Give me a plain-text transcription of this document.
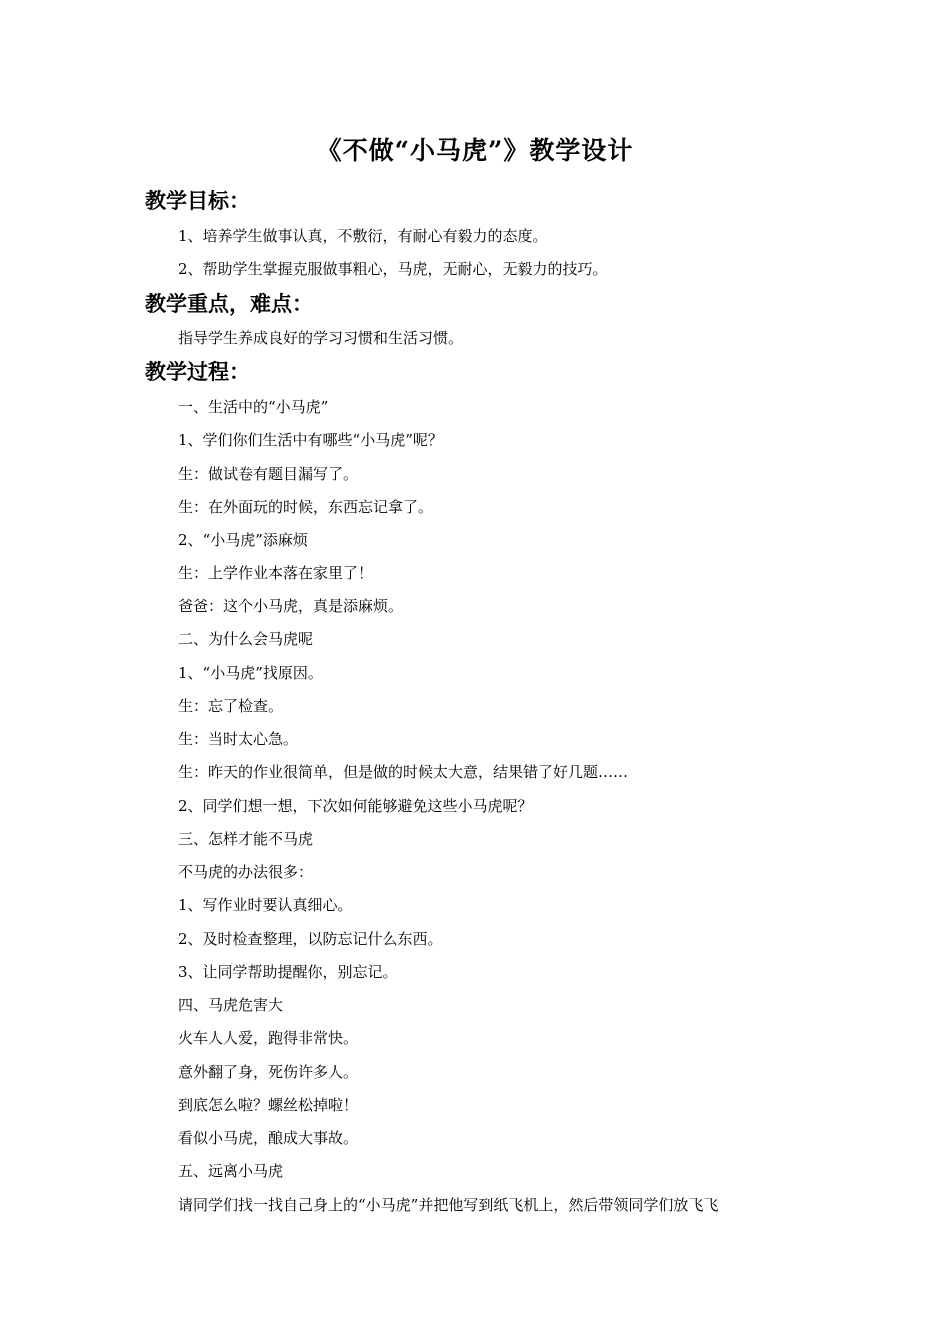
《不做“小马虎”》教学设计
教学目标：
1、培养学生做事认真，不敷衍，有耐心有毅力的态度。
2、帮助学生掌握克服做事粗心，马虎，无耐心，无毅力的技巧。
教学重点，难点：
指导学生养成良好的学习习惯和生活习惯。
教学过程：
一、生活中的“小马虎”
1、学们你们生活中有哪些“小马虎”呢？
生：做试卷有题目漏写了。
生：在外面玩的时候，东西忘记拿了。
2、“小马虎”添麻烦
生：上学作业本落在家里了！
爸爸：这个小马虎，真是添麻烦。
二、为什么会马虎呢
1、“小马虎”找原因。
生：忘了检查。
生：当时太心急。
生：昨天的作业很简单，但是做的时候太大意，结果错了好几题……
2、同学们想一想，下次如何能够避免这些小马虎呢？
三、怎样才能不马虎
不马虎的办法很多：
1、写作业时要认真细心。
2、及时检查整理，以防忘记什么东西。
3、让同学帮助提醒你，别忘记。
四、马虎危害大
火车人人爱，跑得非常快。
意外翻了身，死伤许多人。
到底怎么啦？螺丝松掉啦！
看似小马虎，酿成大事故。
五、远离小马虎
请同学们找一找自己身上的“小马虎”并把他写到纸飞机上，然后带领同学们放飞飞
